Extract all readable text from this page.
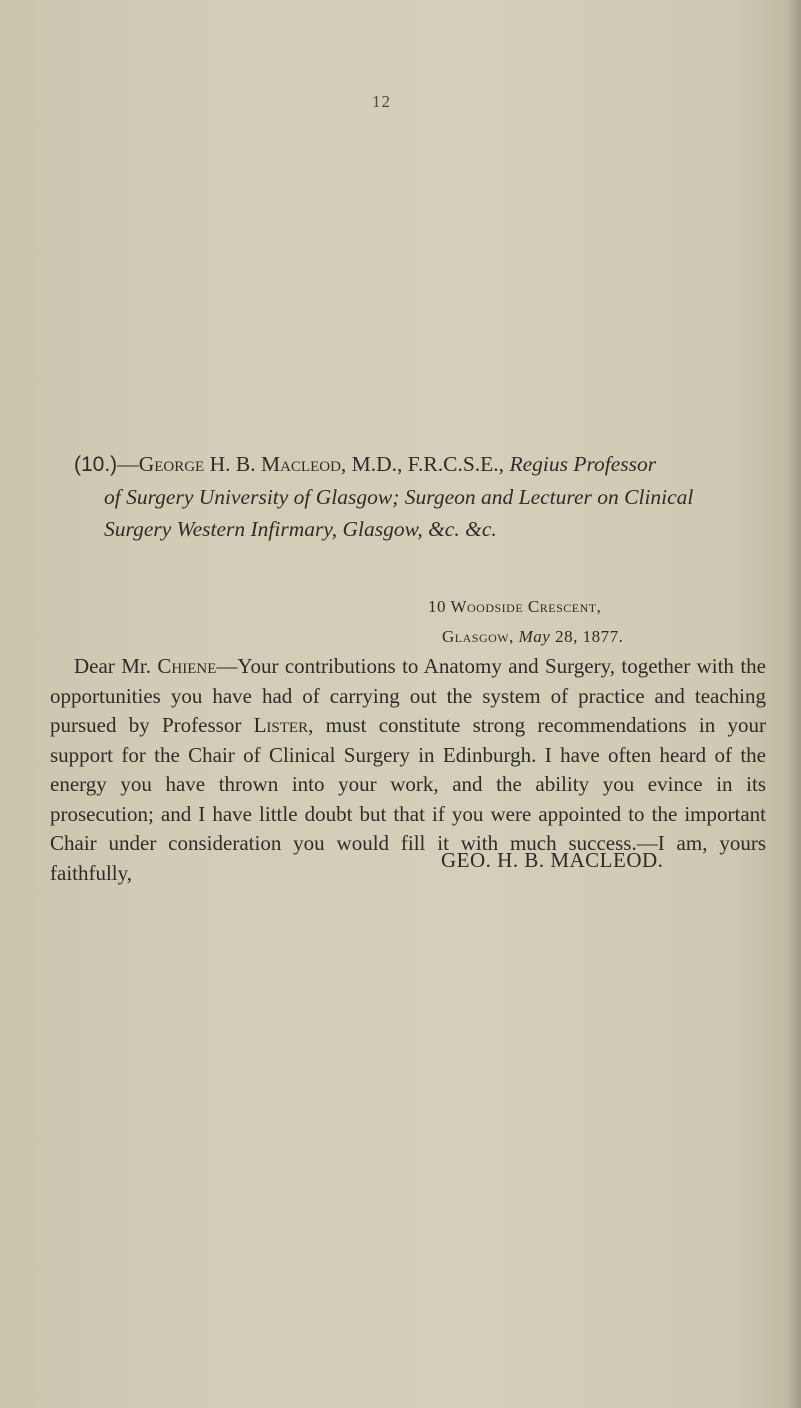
12
(10.)—George H. B. Macleod, M.D., F.R.C.S.E., Regius Professor
of Surgery University of Glasgow; Surgeon and Lecturer on Clinical
Surgery Western Infirmary, Glasgow, &c. &c.
10 Woodside Crescent,
Glasgow, May 28, 1877.

Dear Mr. Chiene—Your contributions to Anatomy and Surgery, together with the opportunities you have had of carrying out the system of practice and teaching pursued by Professor Lister, must constitute strong recommendations in your support for the Chair of Clinical Surgery in Edinburgh. I have often heard of the energy you have thrown into your work, and the ability you evince in its prosecution; and I have little doubt but that if you were appointed to the important Chair under consideration you would fill it with much success.—I am, yours faithfully,

GEO. H. B. MACLEOD.
